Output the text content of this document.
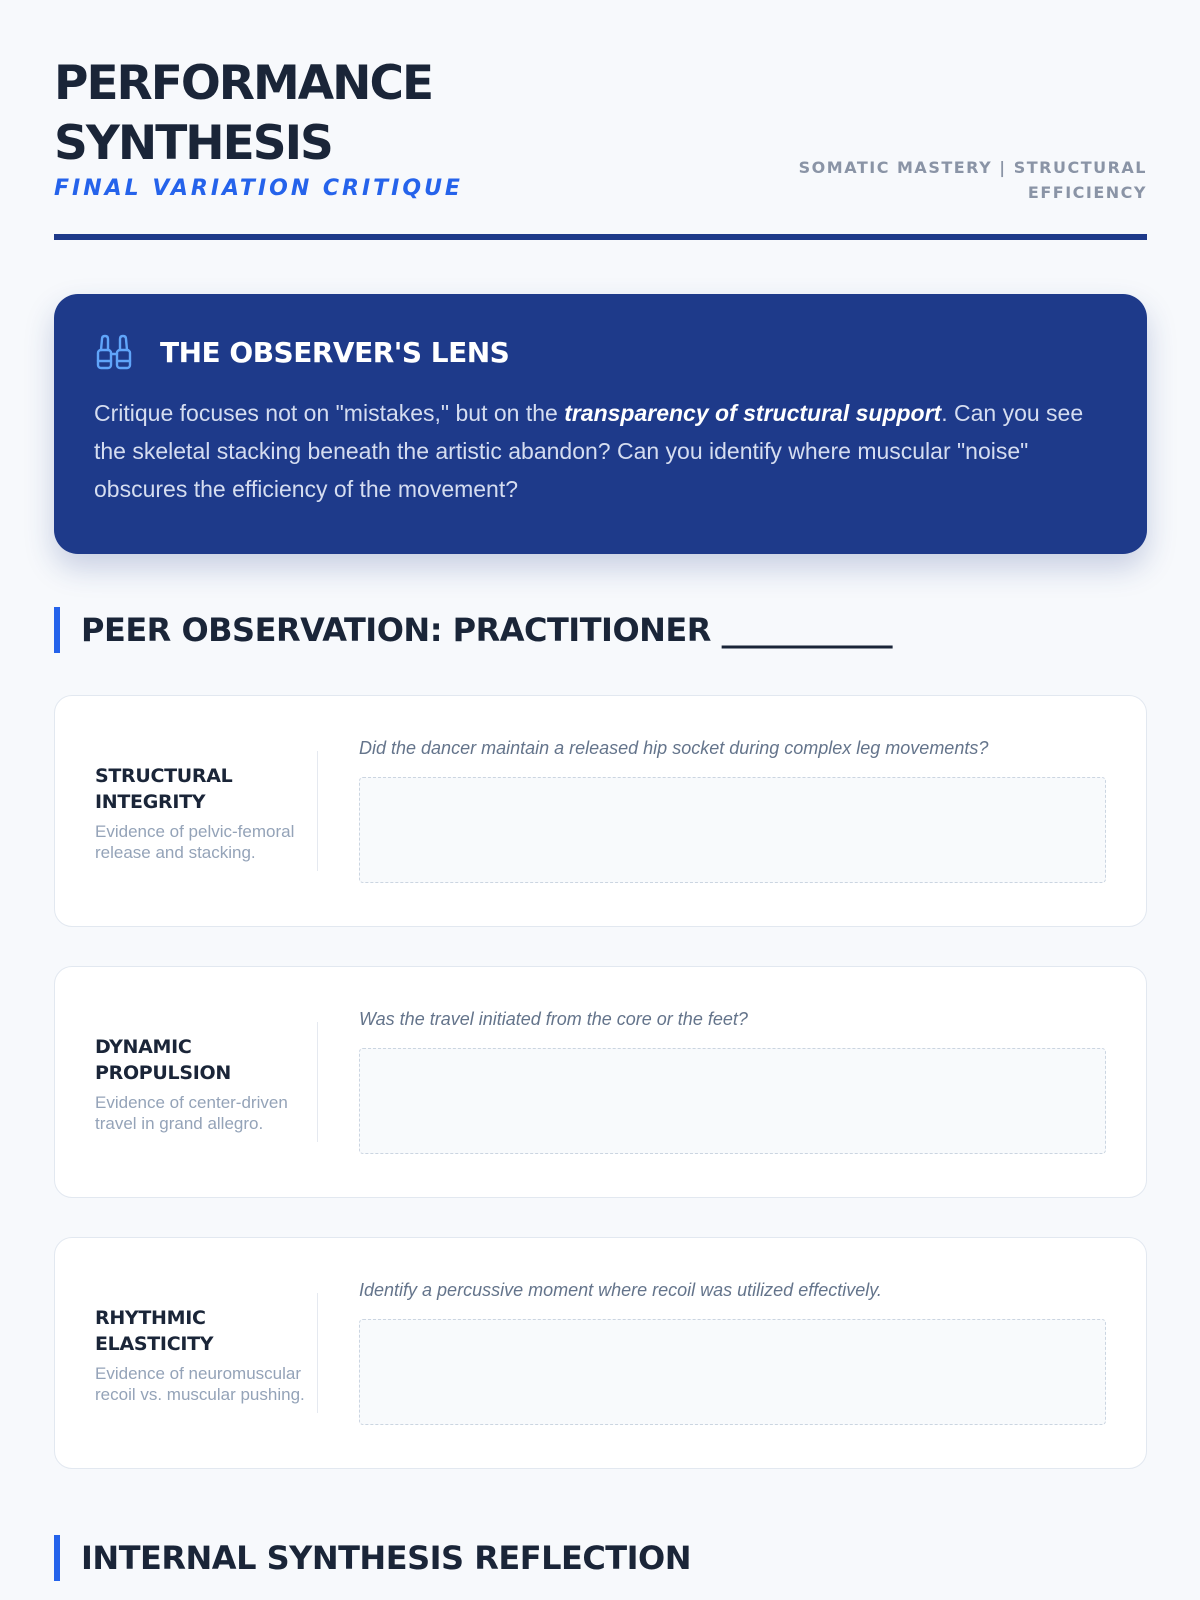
PERFORMANCE
SYNTHESIS
FINAL VARIATION CRITIQUE
SOMATIC MASTERY | STRUCTURAL EFFICIENCY
THE OBSERVER'S LENS

Critique focuses not on "mistakes," but on the transparency of structural support. Can you see the skeletal stacking beneath the artistic abandon? Can you identify where muscular "noise" obscures the efficiency of the movement?

PEER OBSERVATION: PRACTITIONER ___________
STRUCTURAL INTEGRITY
Evidence of pelvic-femoral release and stacking.
Did the dancer maintain a released hip socket during complex leg movements?
DYNAMIC PROPULSION
Evidence of center-driven travel in grand allegro.
Was the travel initiated from the core or the feet?
RHYTHMIC ELASTICITY
Evidence of neuromuscular recoil vs. muscular pushing.
Identify a percussive moment where recoil was utilized effectively.
INTERNAL SYNTHESIS REFLECTION
